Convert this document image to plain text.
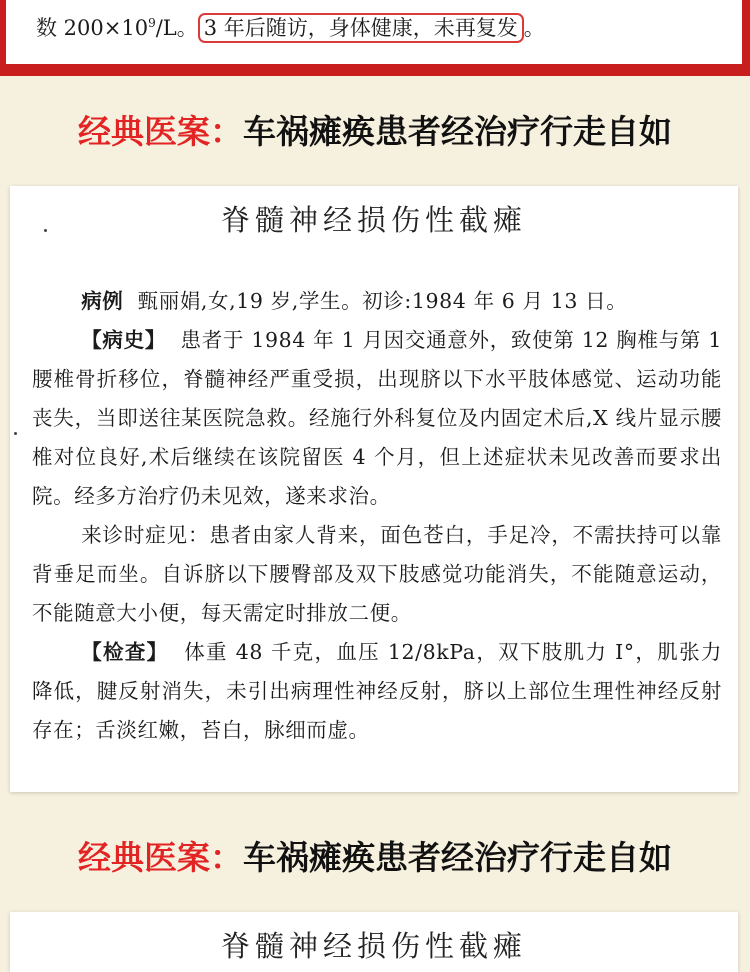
数 $200\times 10^9/L$。 3 年后随访，身体健康，未再复发 。
经典医案：车祸瘫痪患者经治疗行走自如
脊髓神经损伤性截瘫

病例 甄丽娟,女,19 岁,学生。初诊:1984 年 6 月 13 日。

【病史】 患者于 1984 年 1 月因交通意外，致使第 12 胸椎与第 1 腰椎骨折移位，脊髓神经严重受损，出现脐以下水平肢体感觉、运动功能丧失，当即送往某医院急救。经施行外科复位及内固定术后,X 线片显示腰椎对位良好,术后继续在该院留医 4 个月，但上述症状未见改善而要求出院。经多方治疗仍未见效，遂来求治。

来诊时症见：患者由家人背来，面色苍白，手足冷，不需扶持可以靠背垂足而坐。自诉脐以下腰臀部及双下肢感觉功能消失，不能随意运动，不能随意大小便，每天需定时排放二便。

【检查】 体重 48 千克，血压 12/8kPa，双下肢肌力 I°，肌张力降低，腱反射消失，未引出病理性神经反射，脐以上部位生理性神经反射存在；舌淡红嫩，苔白，脉细而虚。

经典医案：车祸瘫痪患者经治疗行走自如
脊髓神经损伤性截瘫
